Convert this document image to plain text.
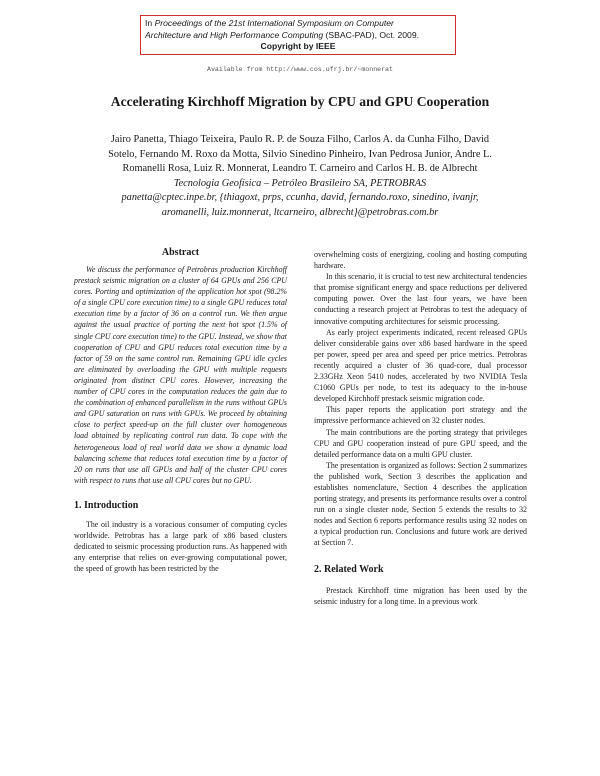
In Proceedings of the 21st International Symposium on Computer
Architecture and High Performance Computing (SBAC-PAD), Oct. 2009.
Copyright by IEEE
Available from http://www.cos.ufrj.br/~monnerat
Accelerating Kirchhoff Migration by CPU and GPU Cooperation
Jairo Panetta, Thiago Teixeira, Paulo R. P. de Souza Filho, Carlos A. da Cunha Filho, David
Sotelo, Fernando M. Roxo da Motta, Silvio Sinedino Pinheiro, Ivan Pedrosa Junior, Andre L.
Romanelli Rosa, Luiz R. Monnerat, Leandro T. Carneiro and Carlos H. B. de Albrecht
Tecnologia Geofísica – Petróleo Brasileiro SA, PETROBRAS
panetta@cptec.inpe.br, {thiagoxt, prps, ccunha, david, fernando.roxo, sinedino, ivanjr,
aromanelli, luiz.monnerat, ltcarneiro, albrecht}@petrobras.com.br
Abstract

We discuss the performance of Petrobras production Kirchhoff prestack seismic migration on a cluster of 64 GPUs and 256 CPU cores. Porting and optimization of the application hot spot (98.2% of a single CPU core execution time) to a single GPU reduces total execution time by a factor of 36 on a control run. We then argue against the usual practice of porting the next hot spot (1.5% of single CPU core execution time) to the GPU. Instead, we show that cooperation of CPU and GPU reduces total execution time by a factor of 59 on the same control run. Remaining GPU idle cycles are eliminated by overloading the GPU with multiple requests originated from distinct CPU cores. However, increasing the number of CPU cores in the computation reduces the gain due to the combination of enhanced parallelism in the runs without GPUs and GPU saturation on runs with GPUs. We proceed by obtaining close to perfect speed-up on the full cluster over homogeneous load obtained by replicating control run data. To cope with the heterogeneous load of real world data we show a dynamic load balancing scheme that reduces total execution time by a factor of 20 on runs that use all GPUs and half of the cluster CPU cores with respect to runs that use all CPU cores but no GPU.

1. Introduction

The oil industry is a voracious consumer of computing cycles worldwide. Petrobras has a large park of x86 based clusters dedicated to seismic processing production runs. As happened with any enterprise that relies on ever-growing computational power, the speed of growth has been restricted by the

overwhelming costs of energizing, cooling and hosting computing hardware.

In this scenario, it is crucial to test new architectural tendencies that promise significant energy and space reductions per delivered computing power. Over the last four years, we have been conducting a research project at Petrobras to test the adequacy of innovative computing architectures for seismic processing.

As early project experiments indicated, recent released GPUs deliver considerable gains over x86 based hardware in the speed per power, speed per area and speed per price metrics. Petrobras recently acquired a cluster of 36 quad-core, dual processor 2.33GHz Xeon 5410 nodes, accelerated by two NVIDIA Tesla C1060 GPUs per node, to test its adequacy to the in-house developed Kirchhoff prestack seismic migration code.

This paper reports the application port strategy and the impressive performance achieved on 32 cluster nodes.

The main contributions are the porting strategy that privileges CPU and GPU cooperation instead of pure GPU speed, and the detailed performance data on a multi GPU cluster.

The presentation is organized as follows: Section 2 summarizes the published work, Section 3 describes the application and establishes nomenclature, Section 4 describes the application porting strategy, and presents its performance results over a control run on a single cluster node, Section 5 extends the results to 32 nodes and Section 6 reports performance results using 32 nodes on a typical production run. Conclusions and future work are derived at Section 7.

2. Related Work

Prestack Kirchhoff time migration has been used by the seismic industry for a long time. In a previous work
